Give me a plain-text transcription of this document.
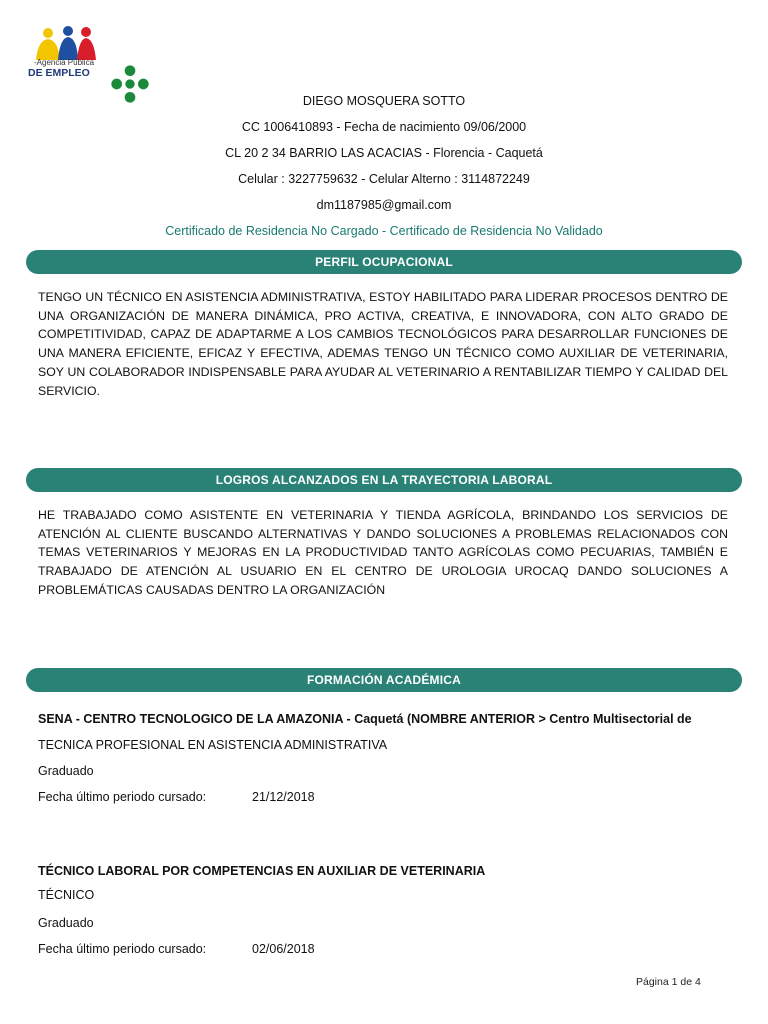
-Agencia Pública
DE EMPLEO
DIEGO MOSQUERA SOTTO
CC 1006410893 - Fecha de nacimiento 09/06/2000
CL 20 2 34 BARRIO LAS ACACIAS - Florencia - Caquetá
Celular : 3227759632 - Celular Alterno : 3114872249
dm1187985@gmail.com
Certificado de Residencia No Cargado - Certificado de Residencia No Validado
PERFIL OCUPACIONAL
TENGO UN TÉCNICO EN ASISTENCIA ADMINISTRATIVA, ESTOY HABILITADO PARA LIDERAR PROCESOS DENTRO DE UNA ORGANIZACIÓN DE MANERA DINÁMICA, PRO ACTIVA, CREATIVA, E INNOVADORA, CON ALTO GRADO DE COMPETITIVIDAD, CAPAZ DE ADAPTARME A LOS CAMBIOS TECNOLÓGICOS PARA DESARROLLAR FUNCIONES DE UNA MANERA EFICIENTE, EFICAZ Y EFECTIVA, ADEMAS TENGO UN TÉCNICO COMO AUXILIAR DE VETERINARIA, SOY UN COLABORADOR INDISPENSABLE PARA AYUDAR AL VETERINARIO A RENTABILIZAR TIEMPO Y CALIDAD DEL SERVICIO.
LOGROS ALCANZADOS EN LA TRAYECTORIA LABORAL
HE TRABAJADO COMO ASISTENTE EN VETERINARIA Y TIENDA AGRÍCOLA, BRINDANDO LOS SERVICIOS DE ATENCIÓN AL CLIENTE BUSCANDO ALTERNATIVAS Y DANDO SOLUCIONES A PROBLEMAS RELACIONADOS CON TEMAS VETERINARIOS Y MEJORAS EN LA PRODUCTIVIDAD TANTO AGRÍCOLAS COMO PECUARIAS, TAMBIÉN E TRABAJADO DE ATENCIÓN AL USUARIO EN EL CENTRO DE UROLOGIA UROCAQ DANDO SOLUCIONES A PROBLEMÁTICAS CAUSADAS DENTRO LA ORGANIZACIÓN
FORMACIÓN ACADÉMICA
SENA - CENTRO TECNOLOGICO DE LA AMAZONIA - Caquetá (NOMBRE ANTERIOR > Centro Multisectorial de
TECNICA PROFESIONAL EN ASISTENCIA ADMINISTRATIVA
Graduado
Fecha último periodo cursado:	21/12/2018
TÉCNICO LABORAL POR COMPETENCIAS EN AUXILIAR DE VETERINARIA
TÉCNICO
Graduado
Fecha último periodo cursado:	02/06/2018
Página 1 de 4
